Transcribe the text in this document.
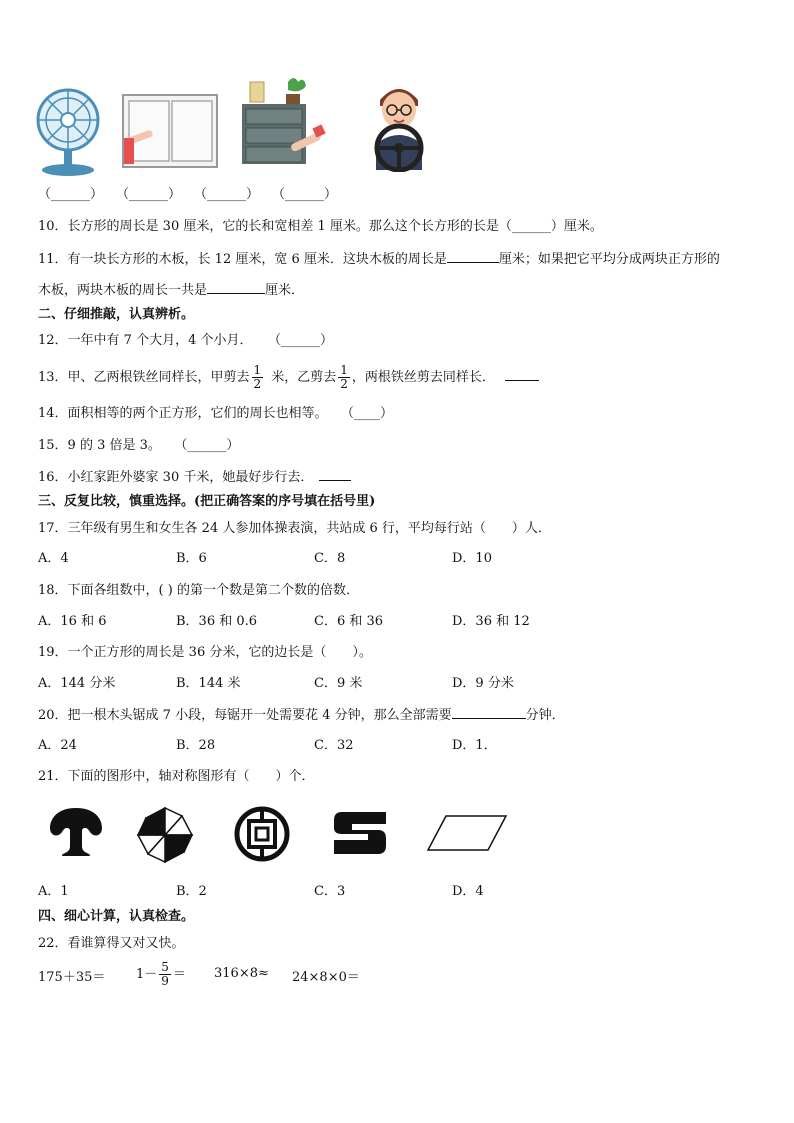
（______） （______） （______） （______）
10．长方形的周长是 30 厘米，它的长和宽相差 1 厘米。那么这个长方形的长是（______）厘米。
11．有一块长方形的木板，长 12 厘米，宽 6 厘米．这块木板的周长是	厘米；如果把它平均分成两块正方形的
木板，两块木板的周长一共是	厘米．
二、仔细推敲，认真辨析。
12．一年中有 7 个大月，4 个小月． （______）
13．甲、乙两根铁丝同样长，甲剪去 $\frac{1}{2}$ 米，乙剪去 $\frac{1}{2}$ ，两根铁丝剪去同样长．
14．面积相等的两个正方形，它们的周长也相等。 （____）
15．9 的 3 倍是 3。 （______）
16．小红家距外婆家 30 千米，她最好步行去．
三、反复比较，慎重选择。(把正确答案的序号填在括号里)
17．三年级有男生和女生各 24 人参加体操表演，共站成 6 行，平均每行站（　　）人．
A．4	B．6	C．8	D．10
18．下面各组数中，( ) 的第一个数是第二个数的倍数．
A．16 和 6	B．36 和 0.6	C．6 和 36	D．36 和 12
19．一个正方形的周长是 36 分米，它的边长是（　　）。
A．144 分米	B．144 米	C．9 米	D．9 分米
20．把一根木头锯成 7 小段，每锯开一处需要花 4 分钟，那么全部需要	分钟．
A．24	B．28	C．32	D．1．
21．下面的图形中，轴对称图形有（　　）个．
A．1	B．2	C．3	D．4
四、细心计算，认真检查。
22．看谁算得又对又快。
$175+35= 1- \frac{5}{9} = 316\times 8\approx 24\times 8\times 0=$
